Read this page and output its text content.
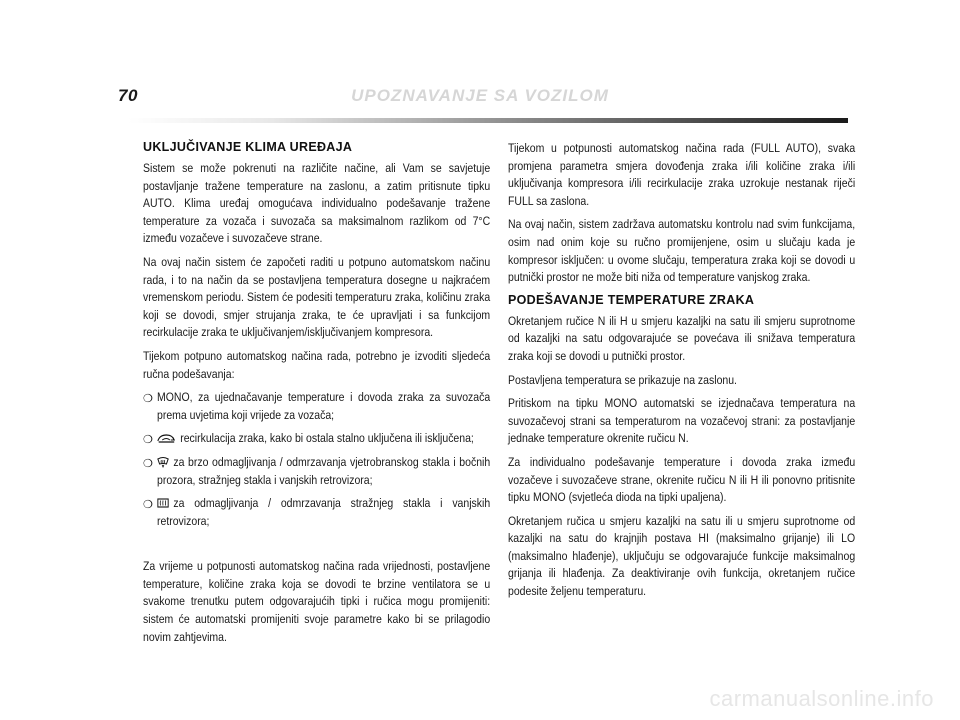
70	UPOZNAVANJE SA VOZILOM
UKLJUČIVANJE KLIMA UREĐAJA

Sistem se može pokrenuti na različite načine, ali Vam se savjetuje postavljanje tražene temperature na zaslonu, a zatim pritisnute tipku AUTO. Klima uređaj omogućava individualno podešavanje tražene temperature za vozača i suvozača sa maksimalnom razlikom od 7°C između vozačeve i suvozačeve strane.

Na ovaj način sistem će započeti raditi u potpuno automatskom načinu rada, i to na način da se postavljena temperatura dosegne u najkraćem vremenskom periodu. Sistem će podesiti temperaturu zraka, količinu zraka koji se dovodi, smjer strujanja zraka, te će upravljati i sa funkcijom recirkulacije zraka te uključivanjem/isključivanjem kompresora.

Tijekom potpuno automatskog načina rada, potrebno je izvoditi sljedeća ručna podešavanja:

❍ MONO, za ujednačavanje temperature i dovoda zraka za suvozača prema uvjetima koji vrijede za vozača;

❍	recirkulacija zraka, kako bi ostala stalno uključena ili isključena;

❍	za brzo odmagljivanja / odmrzavanja vjetrobranskog stakla i bočnih prozora, stražnjeg stakla i vanjskih retrovizora;

❍	za odmagljivanja / odmrzavanja stražnjeg stakla i vanjskih retrovizora;

Za vrijeme u potpunosti automatskog načina rada vrijednosti, postavljene temperature, količine zraka koja se dovodi te brzine ventilatora se u svakome trenutku putem odgovarajućih tipki i ručica mogu promijeniti: sistem će automatski promijeniti svoje parametre kako bi se prilagodio novim zahtjevima.

Tijekom u potpunosti automatskog načina rada (FULL AUTO), svaka promjena parametra smjera dovođenja zraka i/ili količine zraka i/ili uključivanja kompresora i/ili recirkulacije zraka uzrokuje nestanak riječi FULL sa zaslona.

Na ovaj način, sistem zadržava automatsku kontrolu nad svim funkcijama, osim nad onim koje su ručno promijenjene, osim u slučaju kada je kompresor isključen: u ovome slučaju, temperatura zraka koji se dovodi u putnički prostor ne može biti niža od temperature vanjskog zraka.

PODEŠAVANJE TEMPERATURE ZRAKA

Okretanjem ručice N ili H u smjeru kazaljki na satu ili smjeru suprotnome od kazaljki na satu odgovarajuće se povećava ili snižava temperatura zraka koji se dovodi u putnički prostor.

Postavljena temperatura se prikazuje na zaslonu.

Pritiskom na tipku MONO automatski se izjednačava temperatura na suvozačevoj strani sa temperaturom na vozačevoj strani: za postavljanje jednake temperature okrenite ručicu N.

Za individualno podešavanje temperature i dovoda zraka između vozačeve i suvozačeve strane, okrenite ručicu N ili H ili ponovno pritisnite tipku MONO (svjetleća dioda na tipki upaljena).

Okretanjem ručica u smjeru kazaljki na satu ili u smjeru suprotnome od kazaljki na satu do krajnjih postava HI (maksimalno grijanje) ili LO (maksimalno hlađenje), uključuju se odgovarajuće funkcije maksimalnog grijanja ili hlađenja. Za deaktiviranje ovih funkcija, okretanjem ručice podesite željenu temperaturu.

carmanualsonline.info
